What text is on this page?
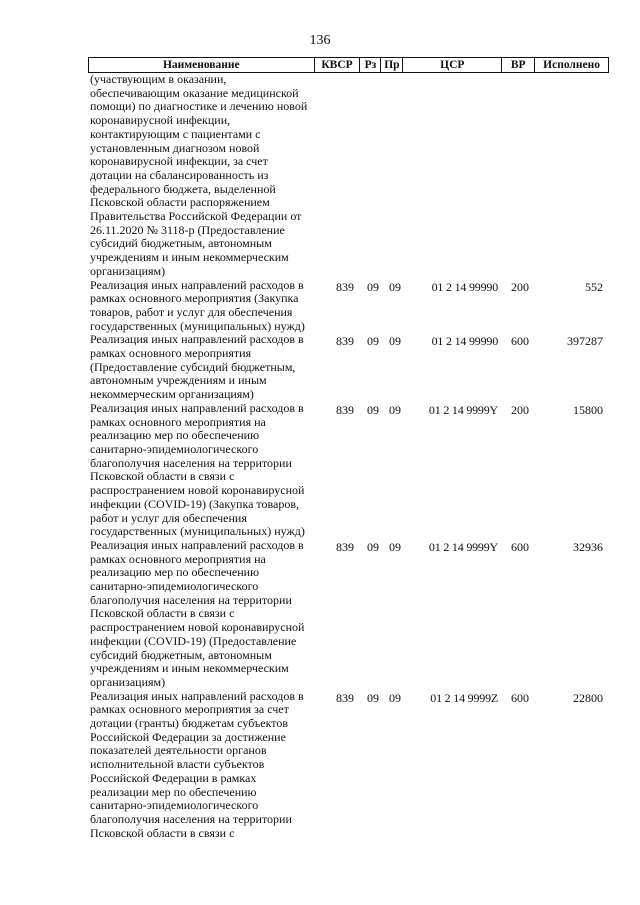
136
Наименование	КВСР	Рз Пр	ЦСР	ВР	Исполнено
(участвующим в оказании, обеспечивающим оказание медицинской помощи) по диагностике и лечению новой коронавирусной инфекции, контактирующим с пациентами с установленным диагнозом новой коронавирусной инфекции, за счет дотации на сбалансированность из федерального бюджета, выделенной Псковской области распоряжением Правительства Российской Федерации от 26.11.2020 № 3118-р (Предоставление субсидий бюджетным, автономным учреждениям и иным некоммерческим организациям)
Реализация иных направлений расходов в рамках основного мероприятия (Закупка товаров, работ и услуг для обеспечения государственных (муниципальных) нужд)
839	09 09	01 2 14 99990	200	552
Реализация иных направлений расходов в рамках основного мероприятия (Предоставление субсидий бюджетным, автономным учреждениям и иным некоммерческим организациям)
839	09 09	01 2 14 99990	600	397287
Реализация иных направлений расходов в рамках основного мероприятия на реализацию мер по обеспечению санитарно-эпидемиологического благополучия населения на территории Псковской области в связи с распространением новой коронавирусной инфекции (COVID-19) (Закупка товаров, работ и услуг для обеспечения государственных (муниципальных) нужд)
839	09 09	01 2 14 9999Y	200	15800
Реализация иных направлений расходов в рамках основного мероприятия на реализацию мер по обеспечению санитарно-эпидемиологического благополучия населения на территории Псковской области в связи с распространением новой коронавирусной инфекции (COVID-19) (Предоставление субсидий бюджетным, автономным учреждениям и иным некоммерческим организациям)
839	09 09	01 2 14 9999Y	600	32936
Реализация иных направлений расходов в рамках основного мероприятия за счет дотации (гранты) бюджетам субъектов Российской Федерации за достижение показателей деятельности органов исполнительной власти субъектов Российской Федерации в рамках реализации мер по обеспечению санитарно-эпидемиологического благополучия населения на территории Псковской области в связи с
839	09 09	01 2 14 9999Z	600	22800
